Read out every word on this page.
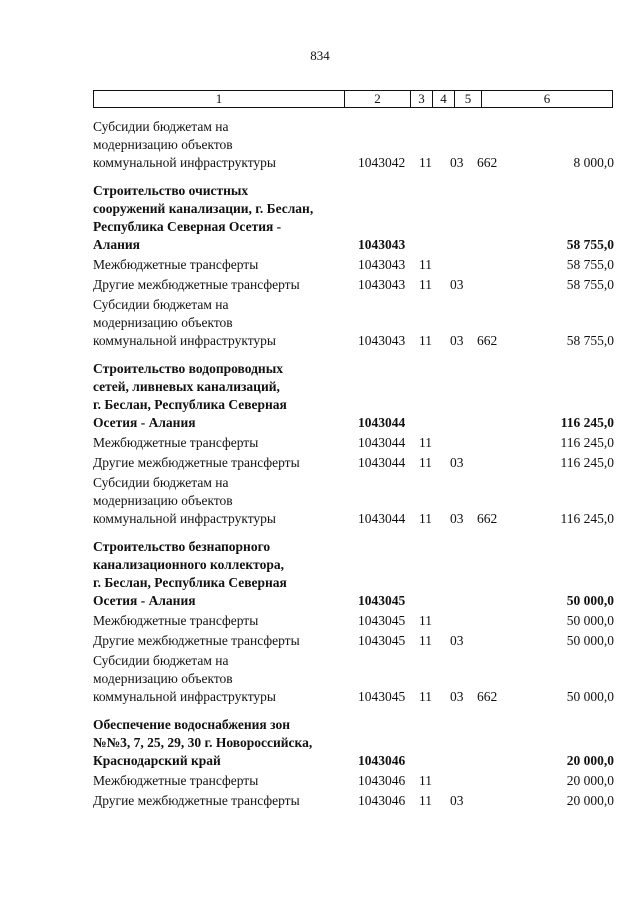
834
1	2	3	4	5	6
Субсидии бюджетам на
модернизацию объектов
коммунальной инфраструктуры	1043042 11 03 662	8 000,0
Строительство очистных
сооружений канализации, г. Беслан,
Республика Северная Осетия -
Алания	1043043	58 755,0
Межбюджетные трансферты	1043043 11	58 755,0
Другие межбюджетные трансферты	1043043 11 03	58 755,0
Субсидии бюджетам на
модернизацию объектов
коммунальной инфраструктуры	1043043 11 03 662	58 755,0
Строительство водопроводных
сетей, ливневых канализаций,
г. Беслан, Республика Северная
Осетия - Алания	1043044	116 245,0
Межбюджетные трансферты	1043044 11	116 245,0
Другие межбюджетные трансферты	1043044 11 03	116 245,0
Субсидии бюджетам на
модернизацию объектов
коммунальной инфраструктуры	1043044 11 03 662	116 245,0
Строительство безнапорного
канализационного коллектора,
г. Беслан, Республика Северная
Осетия - Алания	1043045	50 000,0
Межбюджетные трансферты	1043045 11	50 000,0
Другие межбюджетные трансферты	1043045 11 03	50 000,0
Субсидии бюджетам на
модернизацию объектов
коммунальной инфраструктуры	1043045 11 03 662	50 000,0
Обеспечение водоснабжения зон
№№3, 7, 25, 29, 30 г. Новороссийска,
Краснодарский край	1043046	20 000,0
Межбюджетные трансферты	1043046 11	20 000,0
Другие межбюджетные трансферты	1043046 11 03	20 000,0
